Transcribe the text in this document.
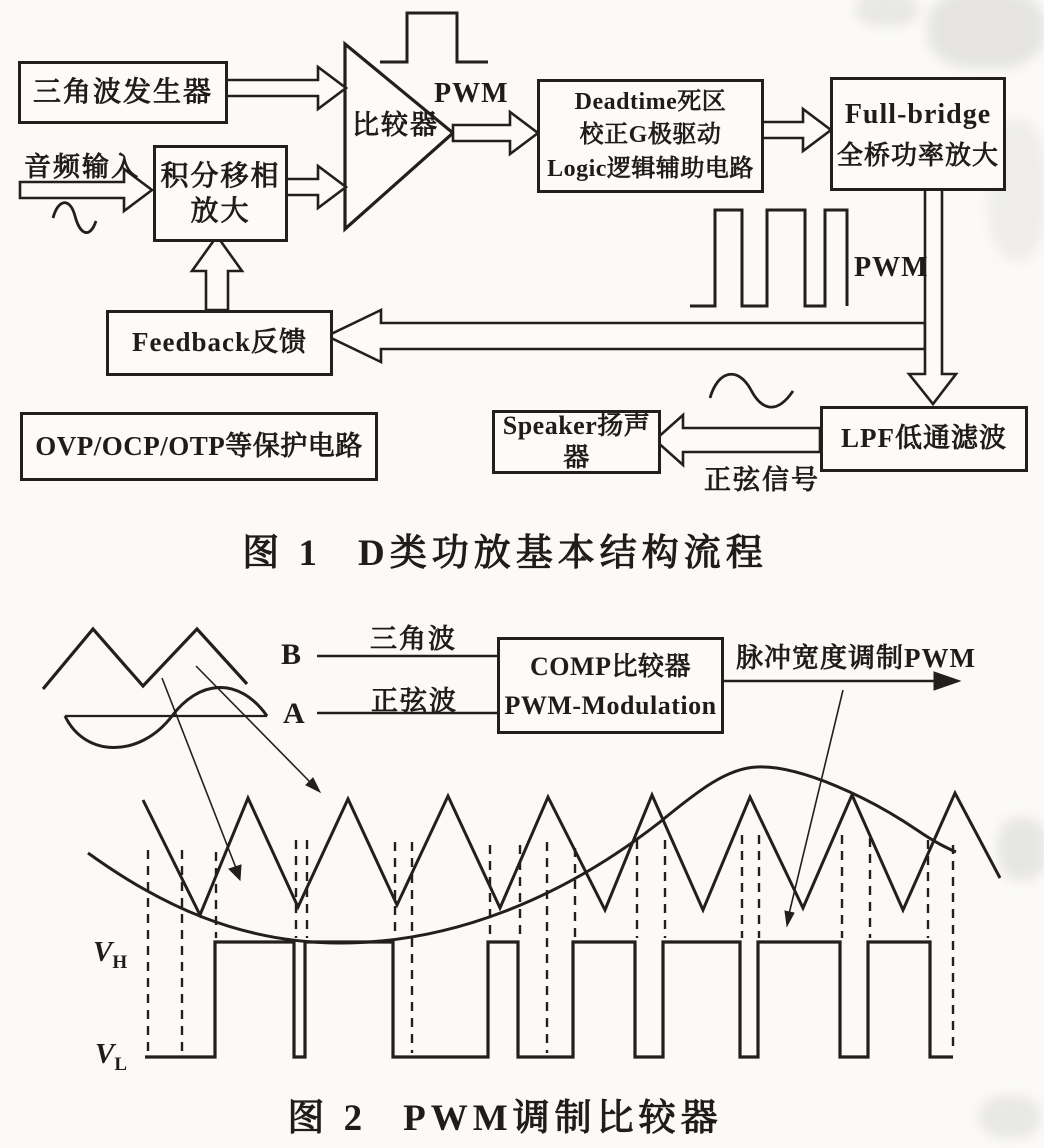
三角波发生器
积分移相
放大
比较器
PWM
音频输入
Deadtime死区
校正G极驱动
Logic逻辑辅助电路
Full-bridge
全桥功率放大
PWM
Feedback反馈
OVP/OCP/OTP等保护电路
Speaker扬声器
LPF低通滤波
正弦信号
图 1 D类功放基本结构流程
B
A
三角波
正弦波
COMP比较器
PWM-Modulation
脉冲宽度调制PWM
$V_H$
$V_L$
图 2 PWM调制比较器
